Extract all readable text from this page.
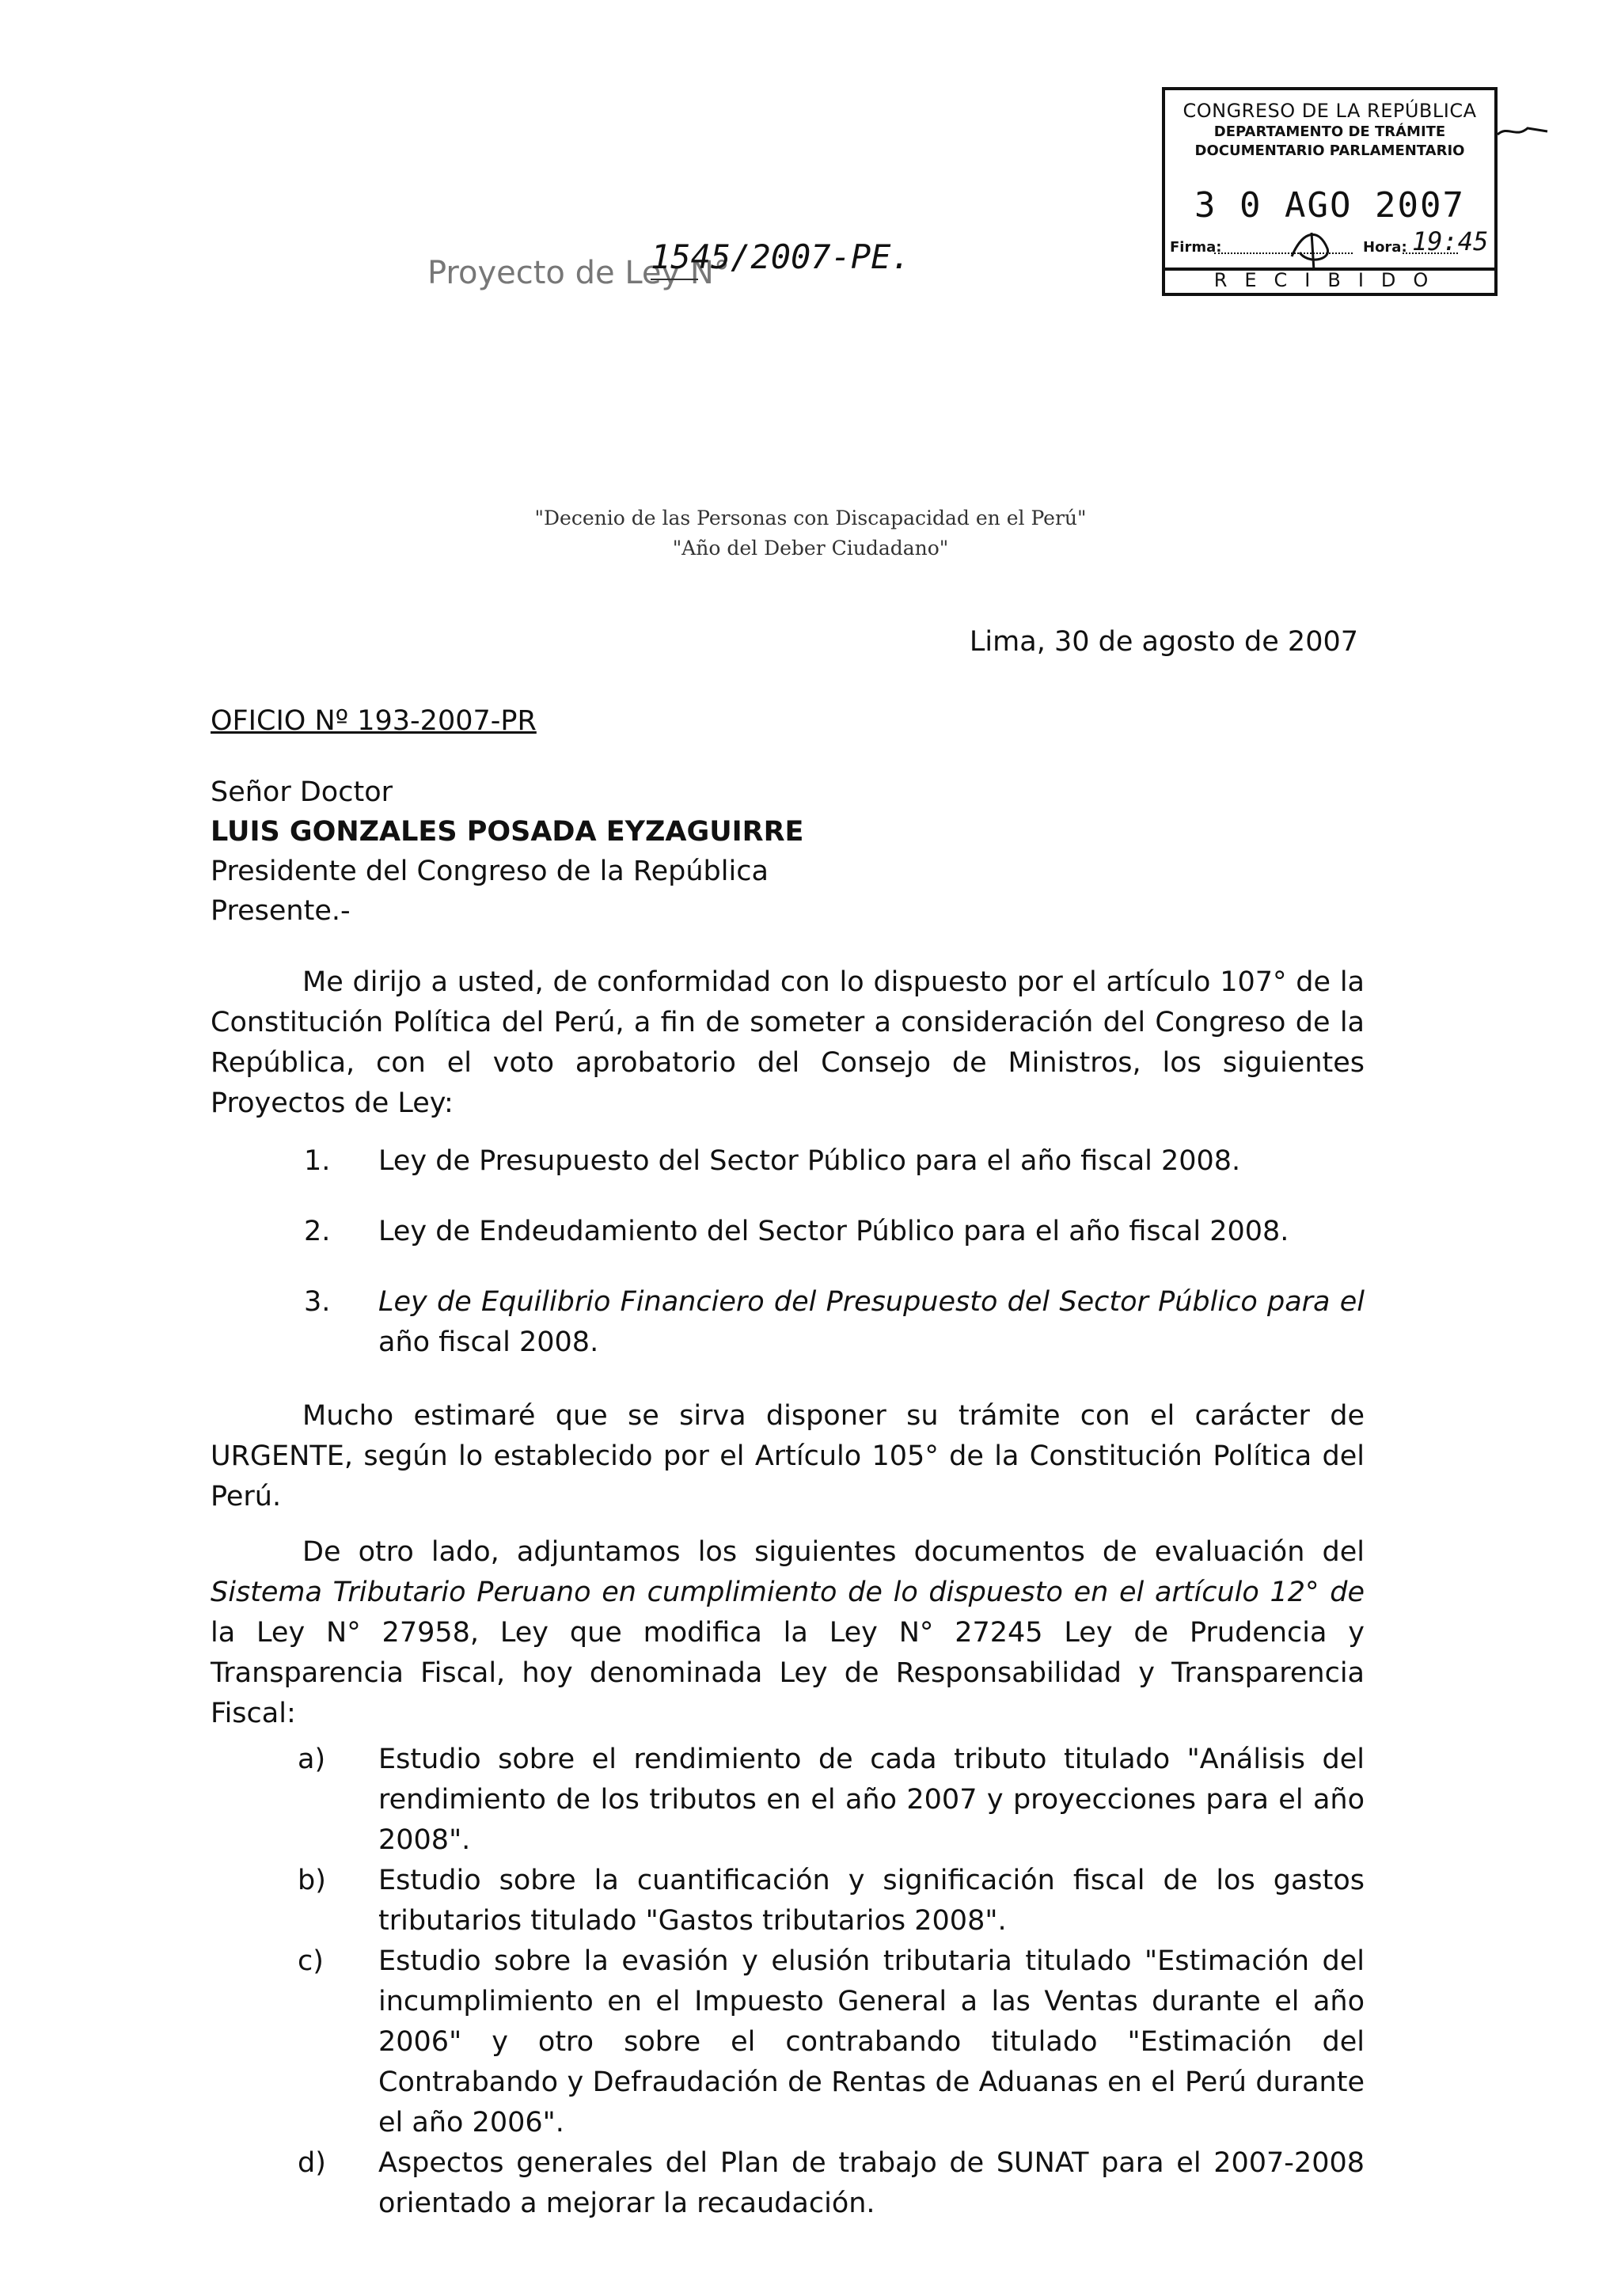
CONGRESO DE LA REPÚBLICA
DEPARTAMENTO DE TRÁMITE
DOCUMENTARIO PARLAMENTARIO
3 0 AGO 2007
Firma:	Hora: 19:45
RECIBIDO
Proyecto de Ley N°
1545/2007-PE.
"Decenio de las Personas con Discapacidad en el Perú"
"Año del Deber Ciudadano"
Lima, 30 de agosto de 2007
OFICIO Nº 193-2007-PR
Señor Doctor
LUIS GONZALES POSADA EYZAGUIRRE
Presidente del Congreso de la República
Presente.-
Me dirijo a usted, de conformidad con lo dispuesto por el artículo 107° de la
Constitución Política del Perú, a fin de someter a consideración del Congreso de la
República, con el voto aprobatorio del Consejo de Ministros, los siguientes
Proyectos de Ley:
1. Ley de Presupuesto del Sector Público para el año fiscal 2008.
2. Ley de Endeudamiento del Sector Público para el año fiscal 2008.
3. Ley de Equilibrio Financiero del Presupuesto del Sector Público para el
año fiscal 2008.
Mucho estimaré que se sirva disponer su trámite con el carácter de
URGENTE, según lo establecido por el Artículo 105° de la Constitución Política del
Perú.
De otro lado, adjuntamos los siguientes documentos de evaluación del
Sistema Tributario Peruano en cumplimiento de lo dispuesto en el artículo 12° de
la Ley N° 27958, Ley que modifica la Ley N° 27245 Ley de Prudencia y
Transparencia Fiscal, hoy denominada Ley de Responsabilidad y Transparencia
Fiscal:
a) Estudio sobre el rendimiento de cada tributo titulado "Análisis del
rendimiento de los tributos en el año 2007 y proyecciones para el año
2008".
b) Estudio sobre la cuantificación y significación fiscal de los gastos
tributarios titulado "Gastos tributarios 2008".
c) Estudio sobre la evasión y elusión tributaria titulado "Estimación del
incumplimiento en el Impuesto General a las Ventas durante el año
2006" y otro sobre el contrabando titulado "Estimación del
Contrabando y Defraudación de Rentas de Aduanas en el Perú durante
el año 2006".
d) Aspectos generales del Plan de trabajo de SUNAT para el 2007-2008
orientado a mejorar la recaudación.
